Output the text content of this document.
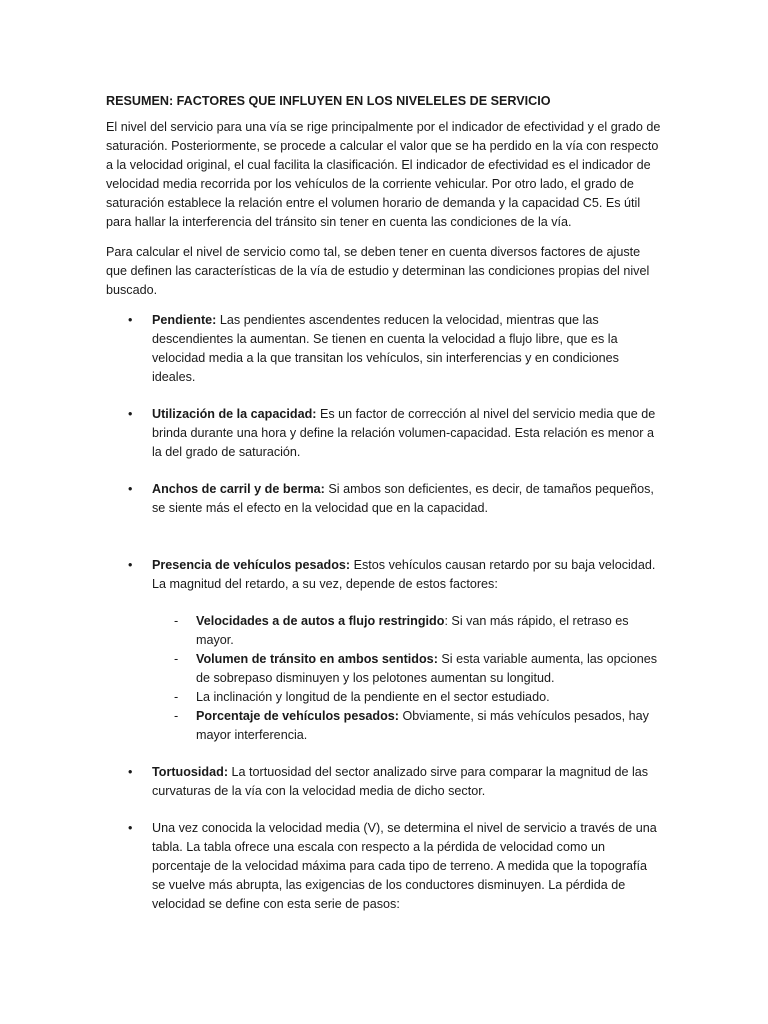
RESUMEN: FACTORES QUE INFLUYEN EN LOS NIVELELES DE SERVICIO

El nivel del servicio para una vía se rige principalmente por el indicador de efectividad y el grado de saturación. Posteriormente, se procede a calcular el valor que se ha perdido en la vía con respecto a la velocidad original, el cual facilita la clasificación. El indicador de efectividad es el indicador de velocidad media recorrida por los vehículos de la corriente vehicular. Por otro lado, el grado de saturación establece la relación entre el volumen horario de demanda y la capacidad C5. Es útil para hallar la interferencia del tránsito sin tener en cuenta las condiciones de la vía.

Para calcular el nivel de servicio como tal, se deben tener en cuenta diversos factores de ajuste que definen las características de la vía de estudio y determinan las condiciones propias del nivel buscado.

• Pendiente: Las pendientes ascendentes reducen la velocidad, mientras que las descendientes la aumentan. Se tienen en cuenta la velocidad a flujo libre, que es la velocidad media a la que transitan los vehículos, sin interferencias y en condiciones ideales.
• Utilización de la capacidad: Es un factor de corrección al nivel del servicio media que de brinda durante una hora y define la relación volumen-capacidad. Esta relación es menor a la del grado de saturación.
• Anchos de carril y de berma: Si ambos son deficientes, es decir, de tamaños pequeños, se siente más el efecto en la velocidad que en la capacidad.
• Presencia de vehículos pesados: Estos vehículos causan retardo por su baja velocidad. La magnitud del retardo, a su vez, depende de estos factores:
- Velocidades a de autos a flujo restringido: Si van más rápido, el retraso es mayor.
- Volumen de tránsito en ambos sentidos: Si esta variable aumenta, las opciones de sobrepaso disminuyen y los pelotones aumentan su longitud.
- La inclinación y longitud de la pendiente en el sector estudiado.
- Porcentaje de vehículos pesados: Obviamente, si más vehículos pesados, hay mayor interferencia.
• Tortuosidad: La tortuosidad del sector analizado sirve para comparar la magnitud de las curvaturas de la vía con la velocidad media de dicho sector.
• Una vez conocida la velocidad media (V), se determina el nivel de servicio a través de una tabla. La tabla ofrece una escala con respecto a la pérdida de velocidad como un porcentaje de la velocidad máxima para cada tipo de terreno. A medida que la topografía se vuelve más abrupta, las exigencias de los conductores disminuyen. La pérdida de velocidad se define con esta serie de pasos:
